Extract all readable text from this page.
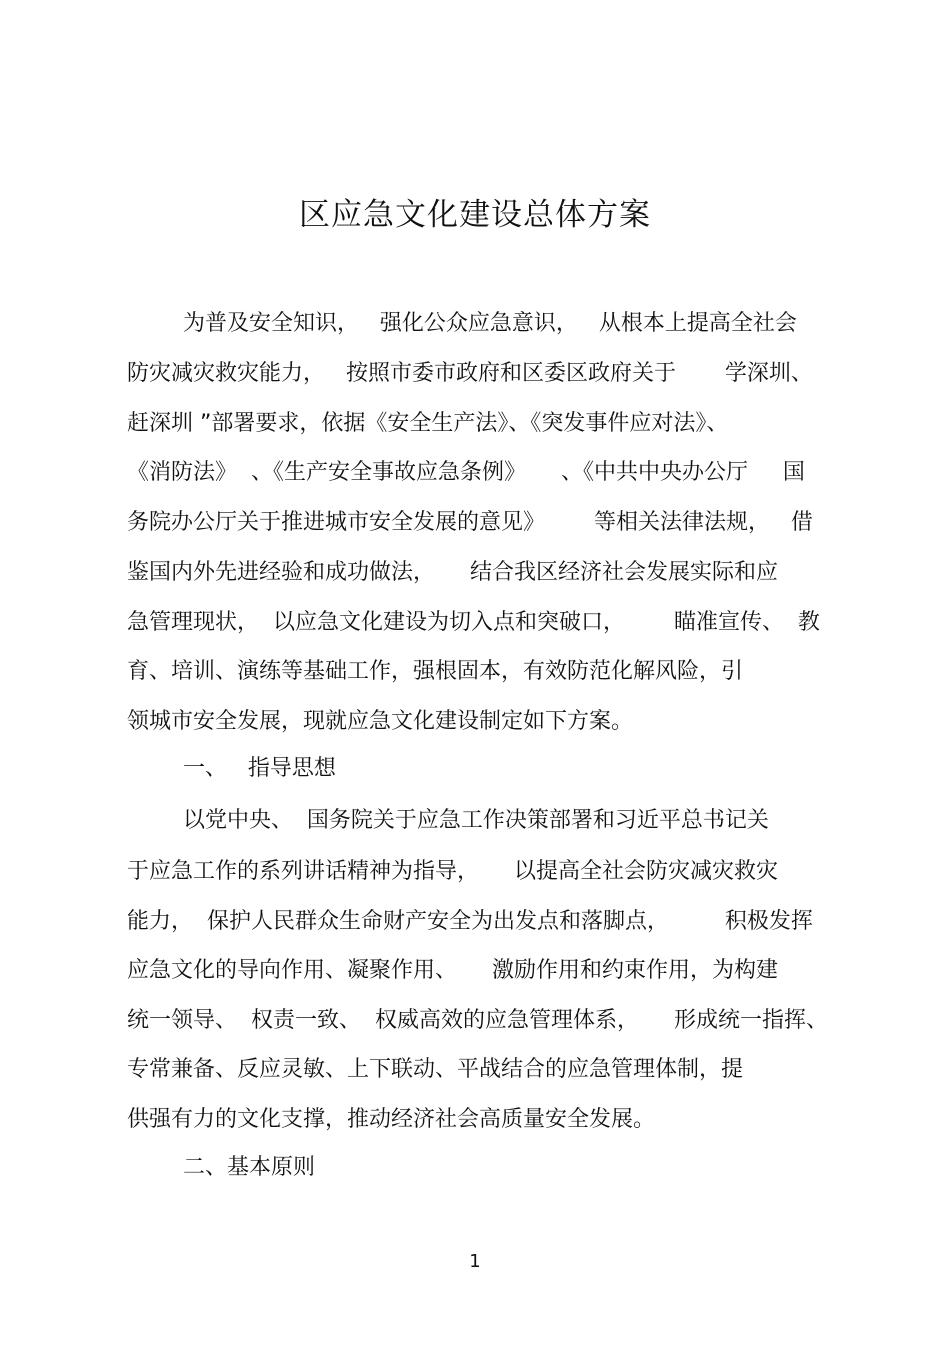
区应急文化建设总体方案

为普及安全知识，   强化公众应急意识，   从根本上提高全社会

防灾减灾救灾能力，   按照市委市政府和区委区政府关于       学深圳、

赶深圳 ”部署要求，依据《安全生产法》、《突发事件应对法》、

《消防法》  、《生产安全事故应急条例》     、《中共中央办公厅     国

务院办公厅关于推进城市安全发展的意见》       等相关法律法规，   借

鉴国内外先进经验和成功做法，     结合我区经济社会发展实际和应

急管理现状，  以应急文化建设为切入点和突破口，       瞄准宣传、  教

育、培训、演练等基础工作，强根固本，有效防范化解风险，引

领城市安全发展，现就应急文化建设制定如下方案。

一、   指导思想

以党中央、  国务院关于应急工作决策部署和习近平总书记关

于应急工作的系列讲话精神为指导，     以提高全社会防灾减灾救灾

能力，  保护人民群众生命财产安全为出发点和落脚点，        积极发挥

应急文化的导向作用、凝聚作用、     激励作用和约束作用，为构建

统一领导、  权责一致、  权威高效的应急管理体系，     形成统一指挥、

专常兼备、反应灵敏、上下联动、平战结合的应急管理体制，提

供强有力的文化支撑，推动经济社会高质量安全发展。

二、基本原则

1
